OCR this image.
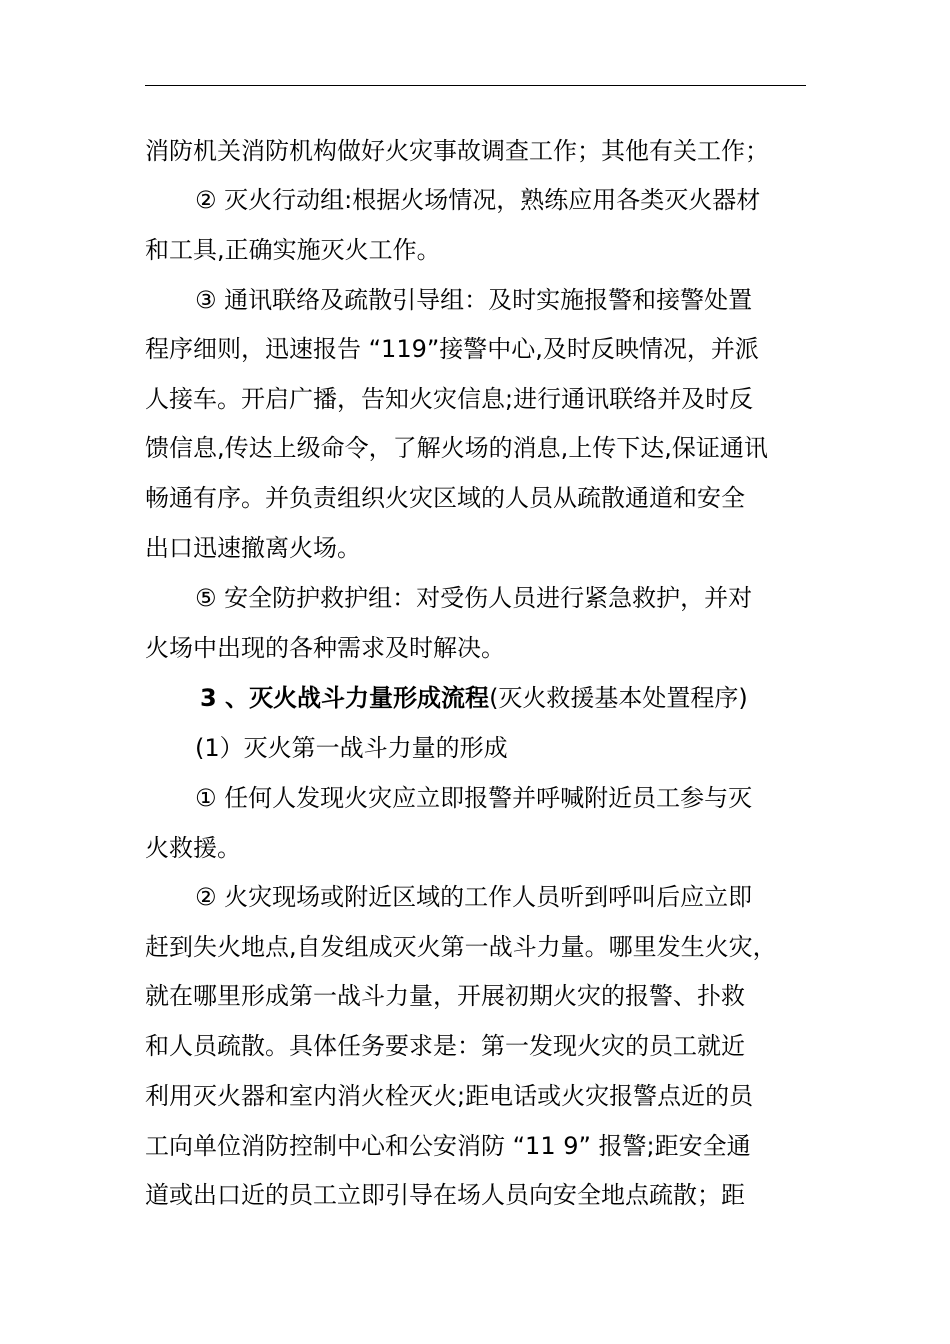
消防机关消防机构做好火灾事故调查工作；其他有关工作；
② 灭火行动组:根据火场情况，熟练应用各类灭火器材
和工具,正确实施灭火工作。
③ 通讯联络及疏散引导组：及时实施报警和接警处置
程序细则，迅速报告 “119”接警中心,及时反映情况，并派
人接车。开启广播，告知火灾信息;进行通讯联络并及时反
馈信息,传达上级命令，了解火场的消息,上传下达,保证通讯
畅通有序。并负责组织火灾区域的人员从疏散通道和安全
出口迅速撤离火场。
⑤ 安全防护救护组：对受伤人员进行紧急救护，并对
火场中出现的各种需求及时解决。
3 、灭火战斗力量形成流程(灭火救援基本处置程序)
(1）灭火第一战斗力量的形成
① 任何人发现火灾应立即报警并呼喊附近员工参与灭
火救援。
② 火灾现场或附近区域的工作人员听到呼叫后应立即
赶到失火地点,自发组成灭火第一战斗力量。哪里发生火灾，
就在哪里形成第一战斗力量，开展初期火灾的报警、扑救
和人员疏散。具体任务要求是：第一发现火灾的员工就近
利用灭火器和室内消火栓灭火;距电话或火灾报警点近的员
工向单位消防控制中心和公安消防 “11 9” 报警;距安全通
道或出口近的员工立即引导在场人员向安全地点疏散；距
